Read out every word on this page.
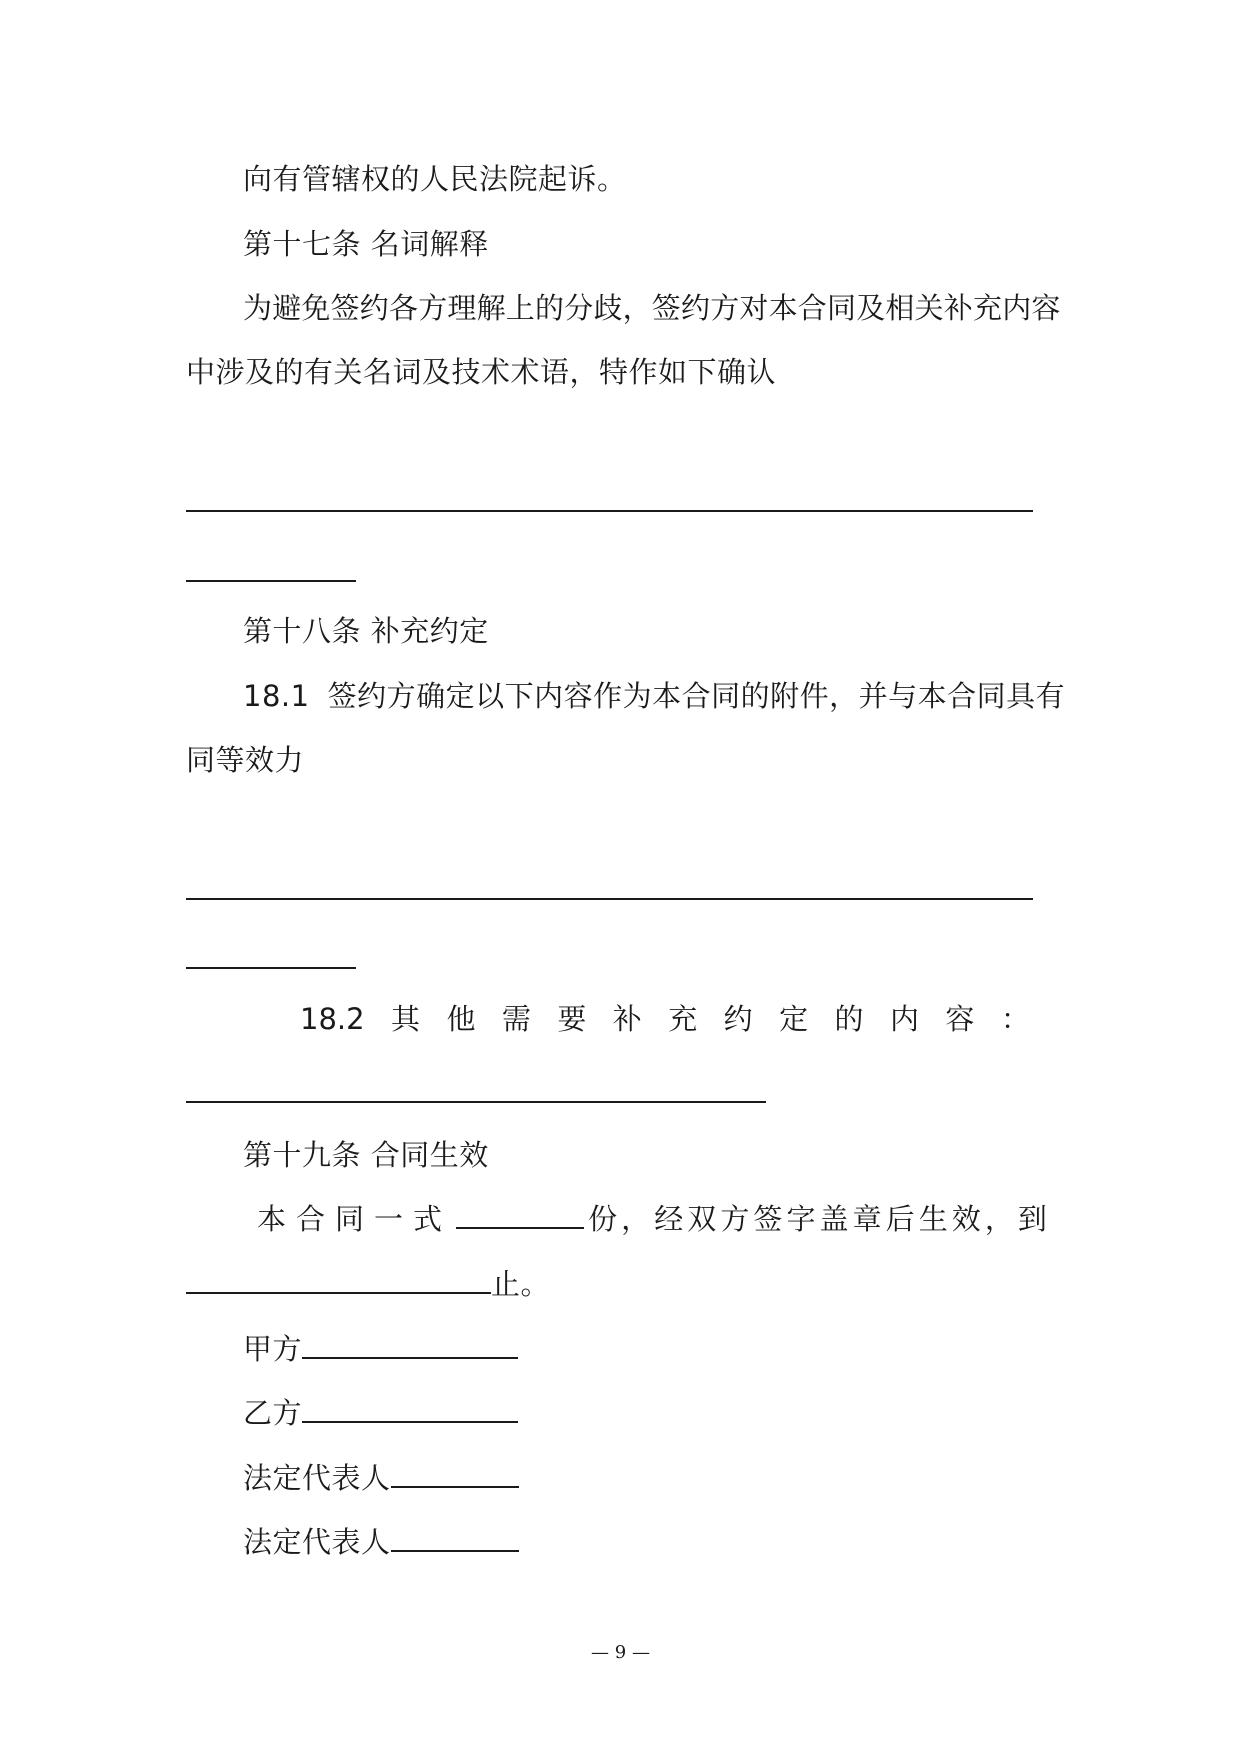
向有管辖权的人民法院起诉。
第十七条 名词解释
为避免签约各方理解上的分歧，签约方对本合同及相关补充内容
中涉及的有关名词及技术术语，特作如下确认
第十八条 补充约定
18.1 签约方确定以下内容作为本合同的附件，并与本合同具有
同等效力
18.2 其 他 需 要 补 充 约 定 的 内 容 ：
第十九条 合同生效
本合同一式	份 ， 经 双 方 签 字 盖 章 后 生 效 ， 到
止。
甲方
乙方
法定代表人
法定代表人
— 9 —
